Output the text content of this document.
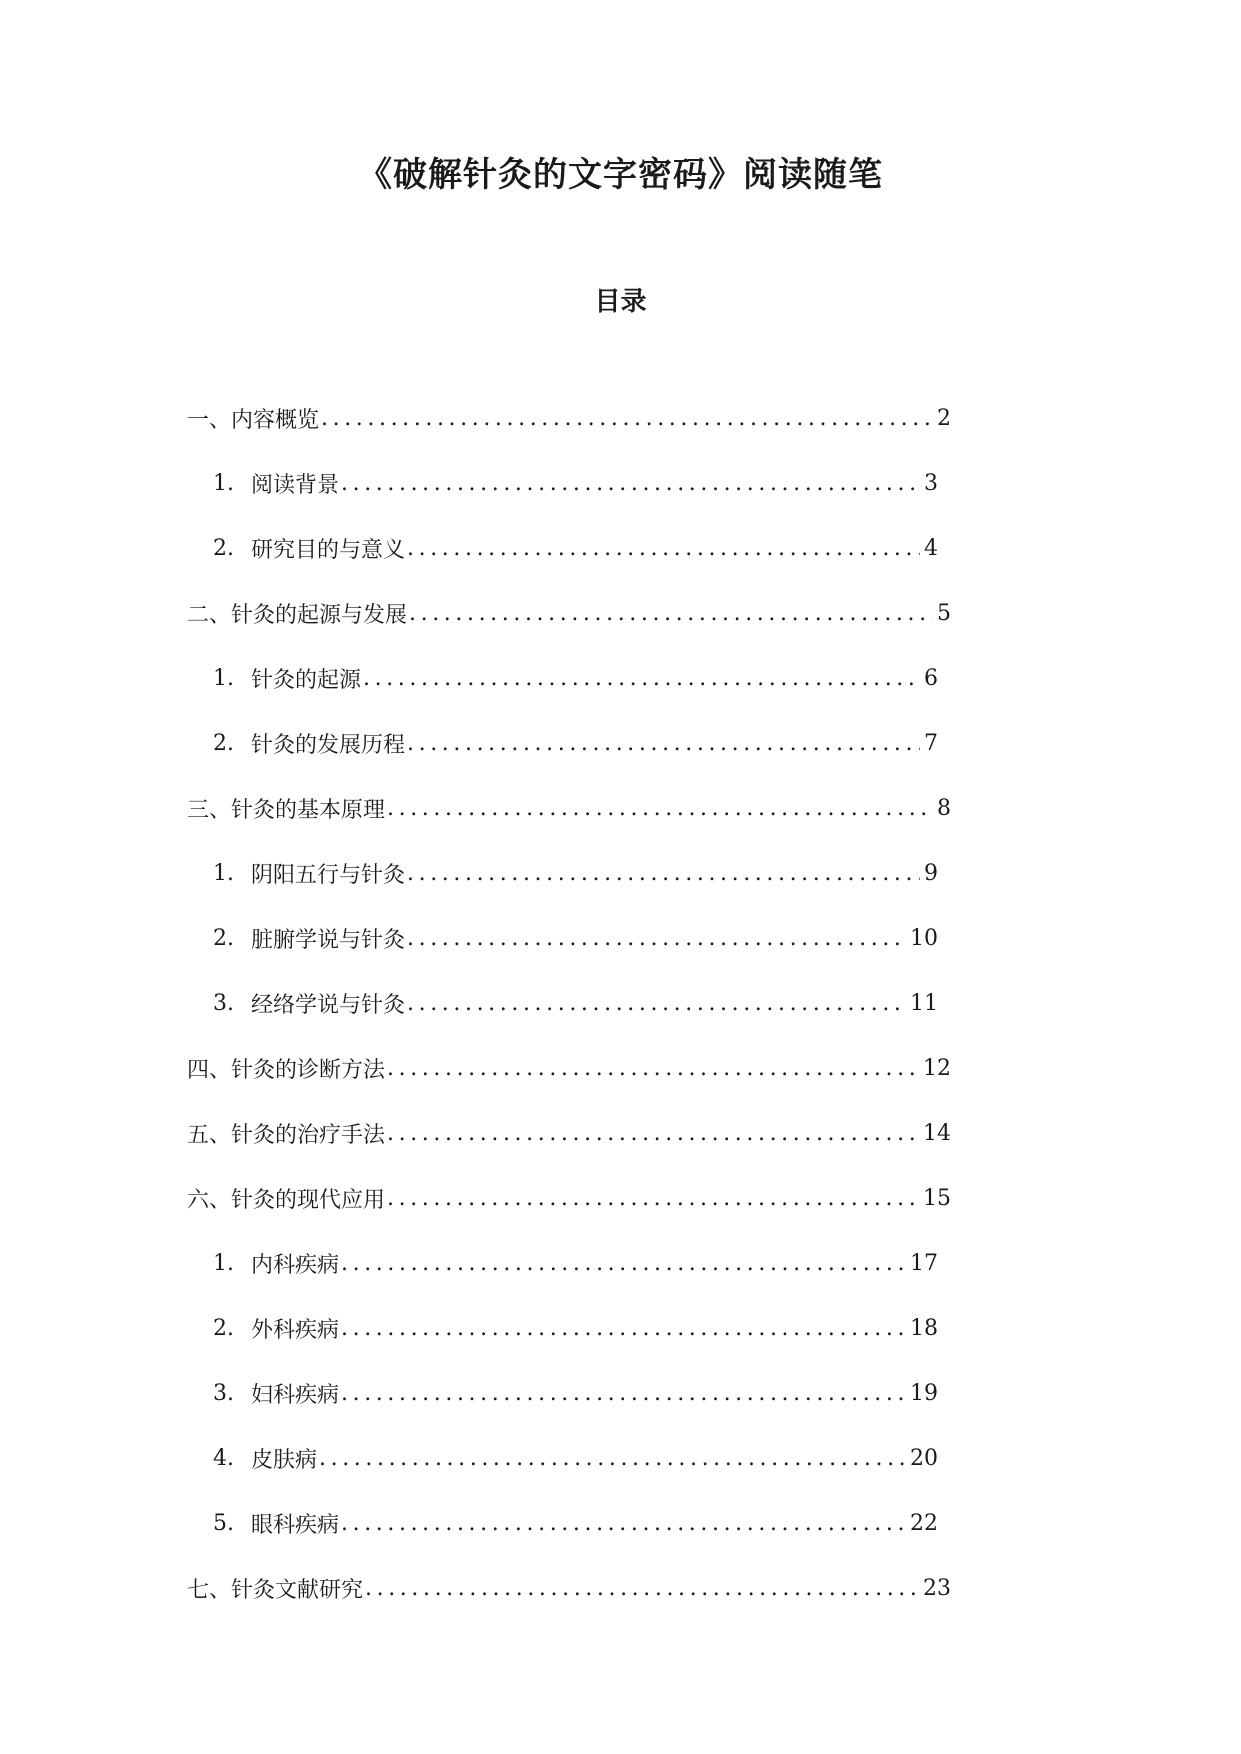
《破解针灸的文字密码》阅读随笔
目录
一、内容概览 .....	2
1. 阅读背景 .....	3
2. 研究目的与意义 .....	4
二、针灸的起源与发展 .....	5
1. 针灸的起源 .....	6
2. 针灸的发展历程 .....	7
三、针灸的基本原理 .....	8
1. 阴阳五行与针灸 .....	9
2. 脏腑学说与针灸 .....	10
3. 经络学说与针灸 .....	11
四、针灸的诊断方法 .....	12
五、针灸的治疗手法 .....	14
六、针灸的现代应用 .....	15
1. 内科疾病 .....	17
2. 外科疾病 .....	18
3. 妇科疾病 .....	19
4. 皮肤病 .....	20
5. 眼科疾病 .....	22
七、针灸文献研究 .....	23
